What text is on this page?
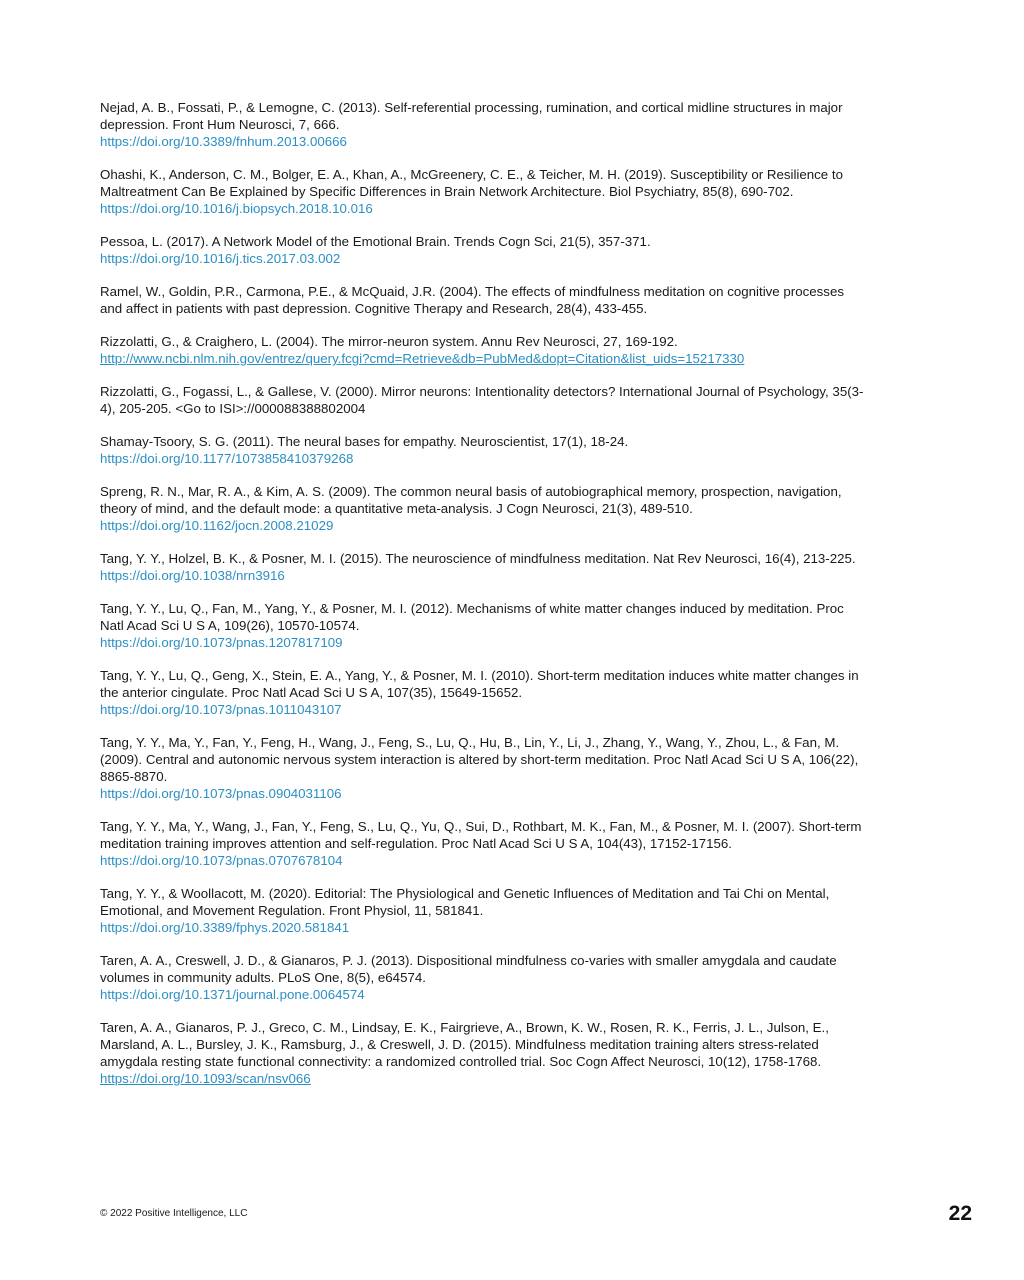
Nejad, A. B., Fossati, P., & Lemogne, C. (2013). Self-referential processing, rumination, and cortical midline structures in major depression. Front Hum Neurosci, 7, 666.
https://doi.org/10.3389/fnhum.2013.00666
Ohashi, K., Anderson, C. M., Bolger, E. A., Khan, A., McGreenery, C. E., & Teicher, M. H. (2019). Susceptibility or Resilience to Maltreatment Can Be Explained by Specific Differences in Brain Network Architecture. Biol Psychiatry, 85(8), 690-702.
https://doi.org/10.1016/j.biopsych.2018.10.016
Pessoa, L. (2017). A Network Model of the Emotional Brain. Trends Cogn Sci, 21(5), 357-371.
https://doi.org/10.1016/j.tics.2017.03.002
Ramel, W., Goldin, P.R., Carmona, P.E., & McQuaid, J.R. (2004). The effects of mindfulness meditation on cognitive processes and affect in patients with past depression. Cognitive Therapy and Research, 28(4), 433-455.
Rizzolatti, G., & Craighero, L. (2004). The mirror-neuron system. Annu Rev Neurosci, 27, 169-192.
http://www.ncbi.nlm.nih.gov/entrez/query.fcgi?cmd=Retrieve&db=PubMed&dopt=Citation&list_uids=15217330
Rizzolatti, G., Fogassi, L., & Gallese, V. (2000). Mirror neurons: Intentionality detectors? International Journal of Psychology, 35(3-4), 205-205. <Go to ISI>://000088388802004
Shamay-Tsoory, S. G. (2011). The neural bases for empathy. Neuroscientist, 17(1), 18-24.
https://doi.org/10.1177/1073858410379268
Spreng, R. N., Mar, R. A., & Kim, A. S. (2009). The common neural basis of autobiographical memory, prospection, navigation, theory of mind, and the default mode: a quantitative meta-analysis. J Cogn Neurosci, 21(3), 489-510.
https://doi.org/10.1162/jocn.2008.21029
Tang, Y. Y., Holzel, B. K., & Posner, M. I. (2015). The neuroscience of mindfulness meditation. Nat Rev Neurosci, 16(4), 213-225.
https://doi.org/10.1038/nrn3916
Tang, Y. Y., Lu, Q., Fan, M., Yang, Y., & Posner, M. I. (2012). Mechanisms of white matter changes induced by meditation. Proc Natl Acad Sci U S A, 109(26), 10570-10574.
https://doi.org/10.1073/pnas.1207817109
Tang, Y. Y., Lu, Q., Geng, X., Stein, E. A., Yang, Y., & Posner, M. I. (2010). Short-term meditation induces white matter changes in the anterior cingulate. Proc Natl Acad Sci U S A, 107(35), 15649-15652.
https://doi.org/10.1073/pnas.1011043107
Tang, Y. Y., Ma, Y., Fan, Y., Feng, H., Wang, J., Feng, S., Lu, Q., Hu, B., Lin, Y., Li, J., Zhang, Y., Wang, Y., Zhou, L., & Fan, M. (2009). Central and autonomic nervous system interaction is altered by short-term meditation. Proc Natl Acad Sci U S A, 106(22), 8865-8870.
https://doi.org/10.1073/pnas.0904031106
Tang, Y. Y., Ma, Y., Wang, J., Fan, Y., Feng, S., Lu, Q., Yu, Q., Sui, D., Rothbart, M. K., Fan, M., & Posner, M. I. (2007). Short-term meditation training improves attention and self-regulation. Proc Natl Acad Sci U S A, 104(43), 17152-17156.
https://doi.org/10.1073/pnas.0707678104
Tang, Y. Y., & Woollacott, M. (2020). Editorial: The Physiological and Genetic Influences of Meditation and Tai Chi on Mental, Emotional, and Movement Regulation. Front Physiol, 11, 581841.
https://doi.org/10.3389/fphys.2020.581841
Taren, A. A., Creswell, J. D., & Gianaros, P. J. (2013). Dispositional mindfulness co-varies with smaller amygdala and caudate volumes in community adults. PLoS One, 8(5), e64574.
https://doi.org/10.1371/journal.pone.0064574
Taren, A. A., Gianaros, P. J., Greco, C. M., Lindsay, E. K., Fairgrieve, A., Brown, K. W., Rosen, R. K., Ferris, J. L., Julson, E., Marsland, A. L., Bursley, J. K., Ramsburg, J., & Creswell, J. D. (2015). Mindfulness meditation training alters stress-related amygdala resting state functional connectivity: a randomized controlled trial. Soc Cogn Affect Neurosci, 10(12), 1758-1768.
https://doi.org/10.1093/scan/nsv066
© 2022 Positive Intelligence, LLC	22
